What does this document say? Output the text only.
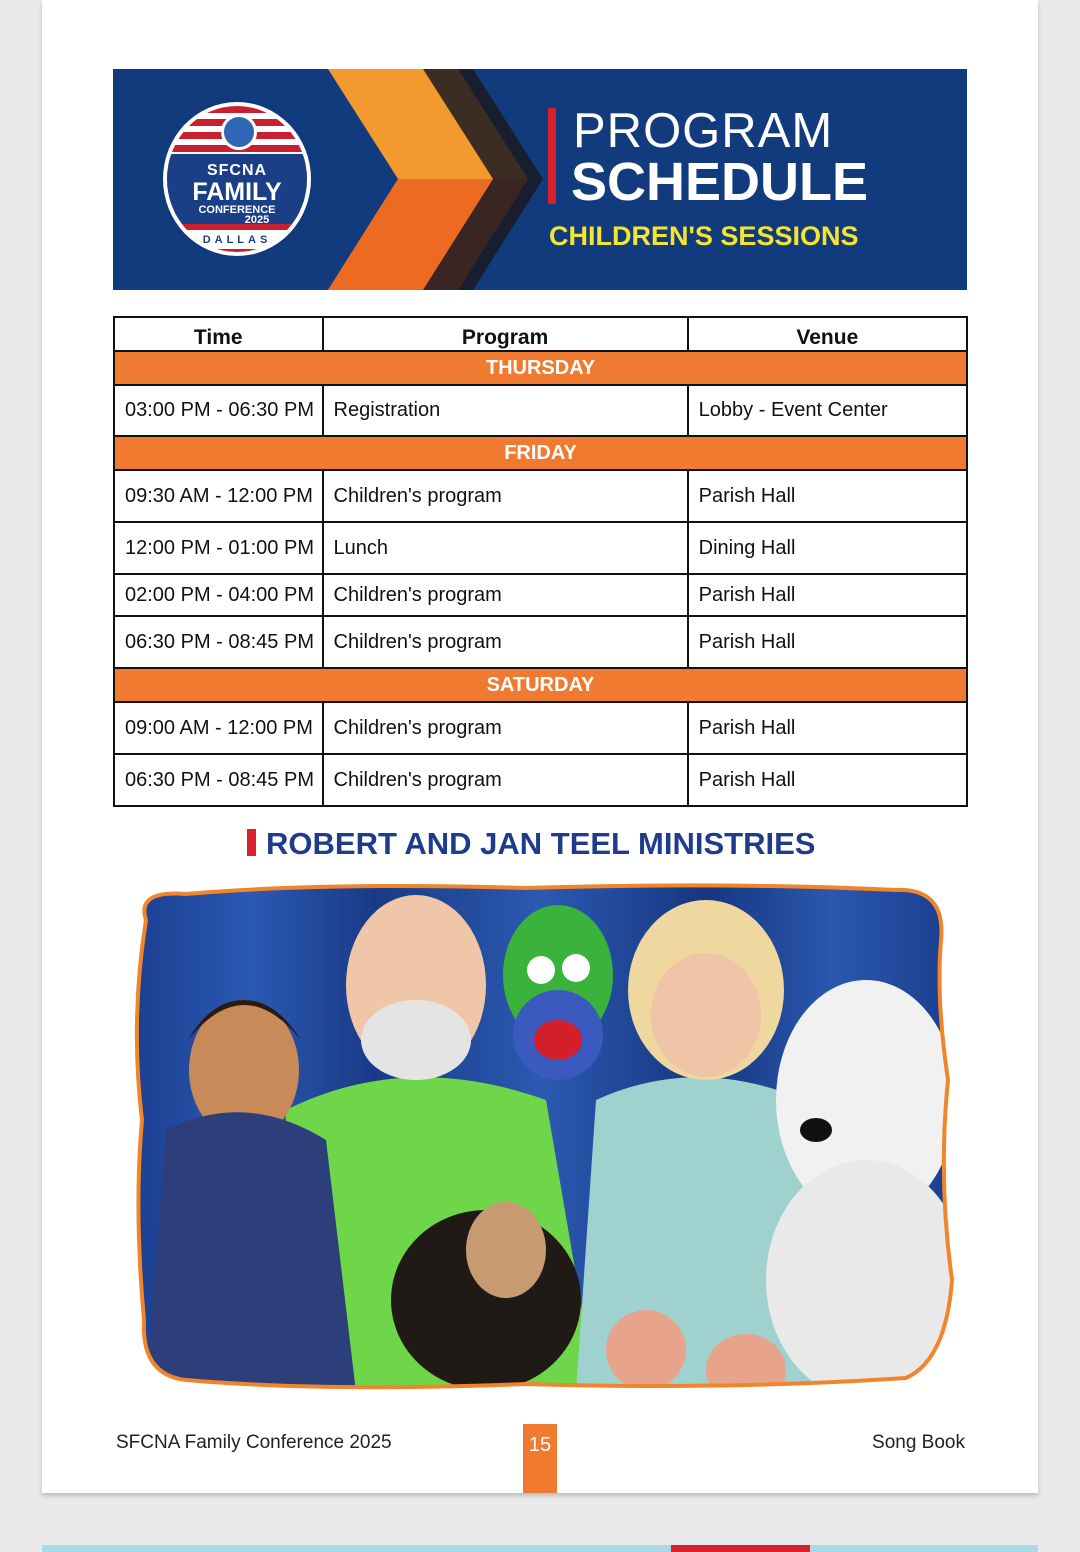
SFCNA
FAMILY
CONFERENCE
2025
DALLAS
PROGRAM
SCHEDULE
CHILDREN'S SESSIONS
Time	Program	Venue
THURSDAY		
03:00 PM - 06:30 PM	Registration	Lobby - Event Center
FRIDAY		
09:30 AM - 12:00 PM	Children's program	Parish Hall
12:00 PM - 01:00 PM	Lunch	Dining Hall
02:00 PM - 04:00 PM	Children's program	Parish Hall
06:30 PM - 08:45 PM	Children's program	Parish Hall
SATURDAY		
09:00 AM - 12:00 PM	Children's program	Parish Hall
06:30 PM - 08:45 PM	Children's program	Parish Hall
ROBERT AND JAN TEEL MINISTRIES
SFCNA Family Conference 2025	15	Song Book
